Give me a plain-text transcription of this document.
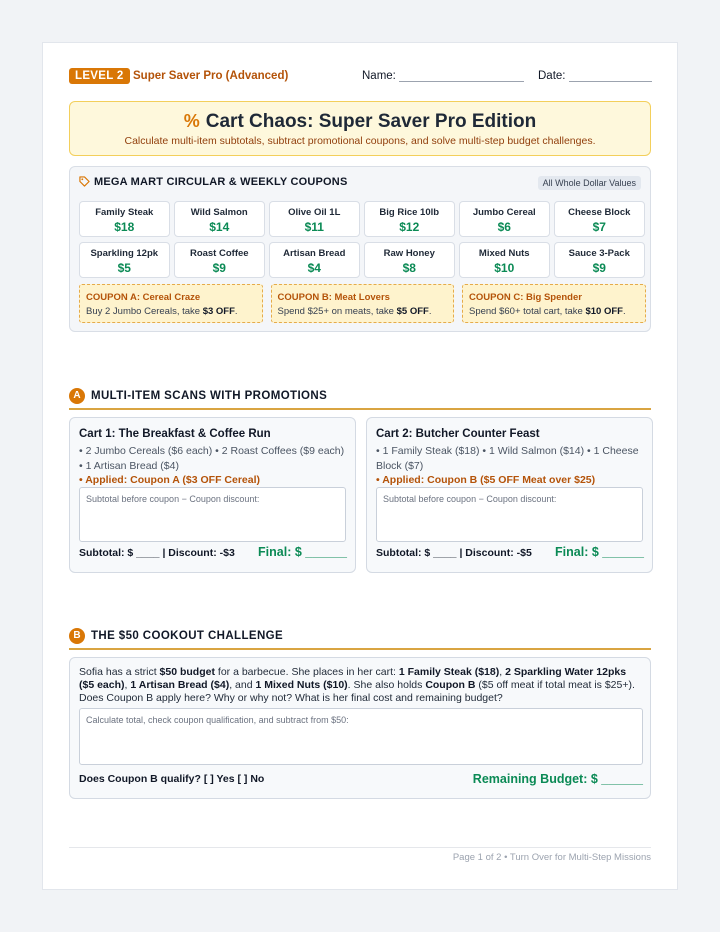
LEVEL 2 Super Saver Pro (Advanced)	Name:	Date:
% Cart Chaos: Super Saver Pro Edition
Calculate multi-item subtotals, subtract promotional coupons, and solve multi-step budget challenges.
MEGA MART CIRCULAR & WEEKLY COUPONS	All Whole Dollar Values
Family Steak
$18
Wild Salmon
$14
Olive Oil 1L
$11
Big Rice 10lb
$12
Jumbo Cereal
$6
Cheese Block
$7
Sparkling 12pk
$5
Roast Coffee
$9
Artisan Bread
$4
Raw Honey
$8
Mixed Nuts
$10
Sauce 3-Pack
$9
COUPON A: Cereal Craze
Buy 2 Jumbo Cereals, take $3 OFF.
COUPON B: Meat Lovers
Spend $25+ on meats, take $5 OFF.
COUPON C: Big Spender
Spend $60+ total cart, take $10 OFF.
A MULTI-ITEM SCANS WITH PROMOTIONS
Cart 1: The Breakfast & Coffee Run
• 2 Jumbo Cereals ($6 each) • 2 Roast Coffees ($9 each) • 1 Artisan Bread ($4)
• Applied: Coupon A ($3 OFF Cereal)
Subtotal before coupon − Coupon discount:
Subtotal: $ ____ | Discount: -$3 Final: $ ______
Cart 2: Butcher Counter Feast
• 1 Family Steak ($18) • 1 Wild Salmon ($14) • 1 Cheese Block ($7)
• Applied: Coupon B ($5 OFF Meat over $25)
Subtotal before coupon − Coupon discount:
Subtotal: $ ____ | Discount: -$5 Final: $ ______
B THE $50 COOKOUT CHALLENGE
Sofia has a strict $50 budget for a barbecue. She places in her cart: 1 Family Steak ($18), 2 Sparkling Water 12pks ($5 each), 1 Artisan Bread ($4), and 1 Mixed Nuts ($10). She also holds Coupon B ($5 off meat if total meat is $25+). Does Coupon B apply here? Why or why not? What is her final cost and remaining budget?
Calculate total, check coupon qualification, and subtract from $50:
Does Coupon B qualify? [ ] Yes [ ] No	Remaining Budget: $ ______
Page 1 of 2 • Turn Over for Multi-Step Missions
